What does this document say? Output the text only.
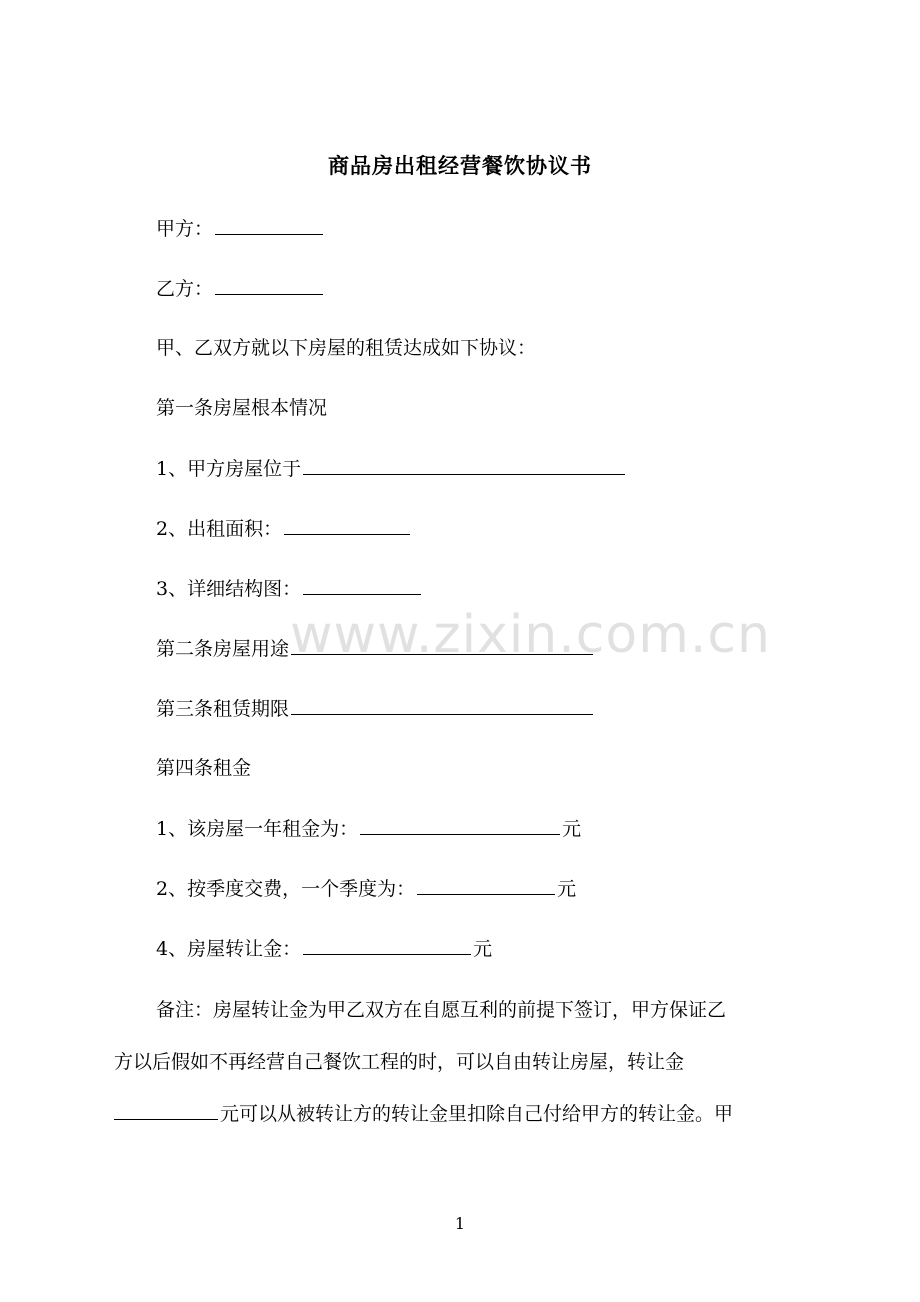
商品房出租经营餐饮协议书
甲方：
乙方：
甲、乙双方就以下房屋的租赁达成如下协议：
第一条房屋根本情况
1、甲方房屋位于
2、出租面积：
3、详细结构图：
第二条房屋用途
第三条租赁期限
第四条租金
1、该房屋一年租金为：	元
2、按季度交费，一个季度为：	元
4、房屋转让金：	元
备注：房屋转让金为甲乙双方在自愿互利的前提下签订，甲方保证乙
方以后假如不再经营自己餐饮工程的时，可以自由转让房屋，转让金
元可以从被转让方的转让金里扣除自己付给甲方的转让金。甲
www.zixin.com.cn
1
